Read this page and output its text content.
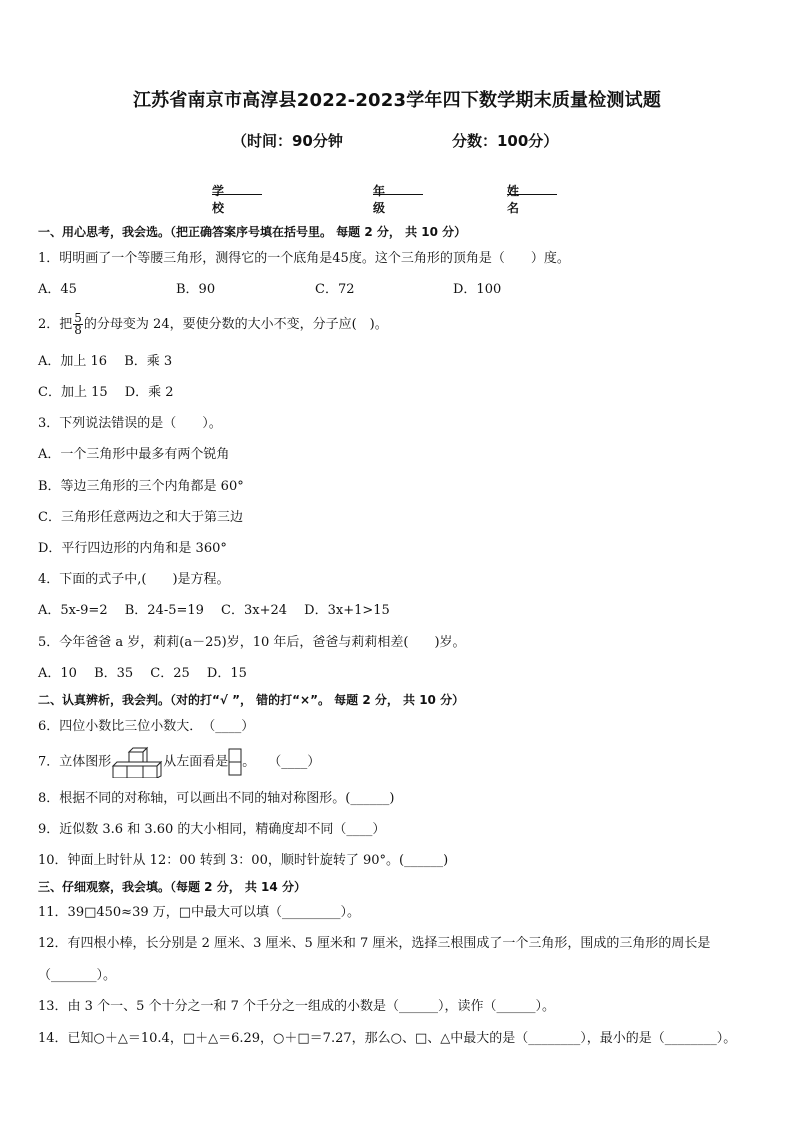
江苏省南京市高淳县2022-2023学年四下数学期末质量检测试题
（时间：90分钟	分数：100分）
学校
年级
姓名
一、用心思考，我会选。（把正确答案序号填在括号里。 每题 2 分， 共 10 分）
1．明明画了一个等腰三角形，测得它的一个底角是45度。这个三角形的顶角是（　　）度。
A．45	B．90	C．72	D．100
2．把 $\frac{5}{8}$ 的分母变为 24，要使分数的大小不变，分子应(　)。
A．加上 16　 B．乘 3
C．加上 15　 D．乘 2
3．下列说法错误的是（　　）。
A．一个三角形中最多有两个锐角
B．等边三角形的三个内角都是 60°
C．三角形任意两边之和大于第三边
D．平行四边形的内角和是 360°
4．下面的式子中,(　　)是方程。
A．5x-9=2　 B．24-5=19　 C．3x+24　 D．3x+1>15
5．今年爸爸 a 岁，莉莉(a－25)岁，10 年后，爸爸与莉莉相差(　　)岁。
A．10　 B．35　 C．25　 D．15
二、认真辨析，我会判。（对的打“√ ”， 错的打“×”。 每题 2 分， 共 10 分）
6．四位小数比三位小数大．　（____）
7．立体图形	从左面看是 。　　（____）
8．根据不同的对称轴，可以画出不同的轴对称图形。(______)
9．近似数 3.6 和 3.60 的大小相同，精确度却不同（____）
10．钟面上时针从 12：00 转到 3：00，顺时针旋转了 90°。(______)
三、仔细观察，我会填。（每题 2 分， 共 14 分）
11．39□450≈39 万，□中最大可以填（_________）。
12．有四根小棒，长分别是 2 厘米、3 厘米、5 厘米和 7 厘米，选择三根围成了一个三角形，围成的三角形的周长是
（_______）。
13．由 3 个一、5 个十分之一和 7 个千分之一组成的小数是（______），读作（______）。
14．已知○＋△＝10.4，□＋△＝6.29，○＋□＝7.27，那么○、□、△中最大的是（________），最小的是（________）。
